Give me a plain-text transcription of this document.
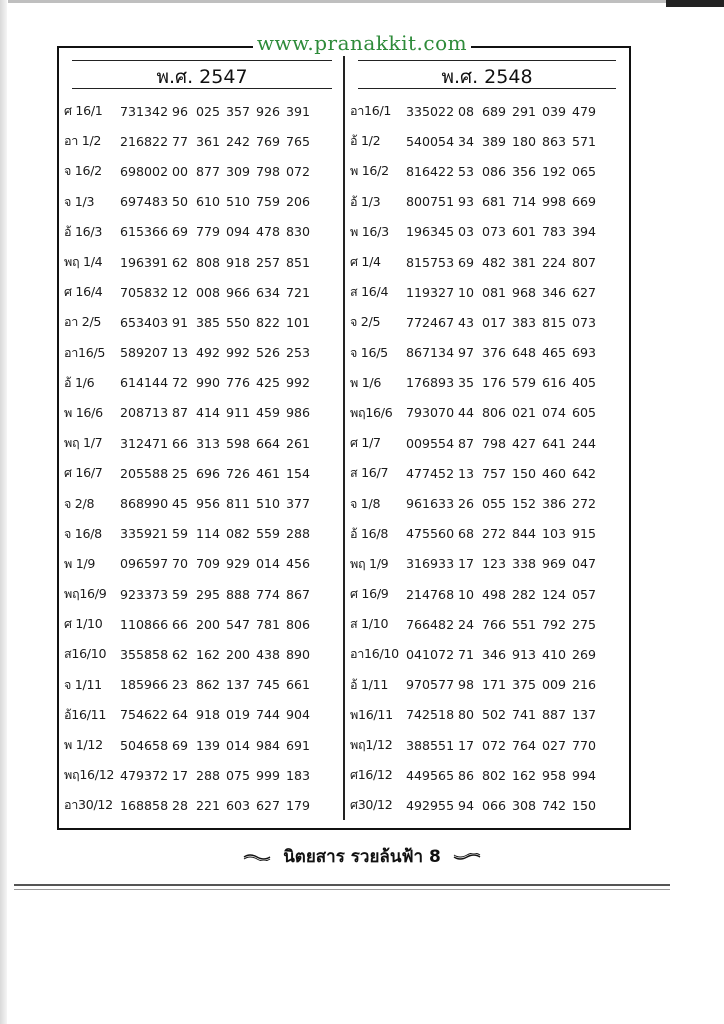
www.pranakkit.com
พ.ศ. 2547
ศ 16/1	731342 96 025 357 926 391
อา 1/2	216822 77 361 242 769 765
จ 16/2	698002 00 877 309 798 072
จ 1/3	697483 50 610 510 759 206
อ้ 16/3	615366 69 779 094 478 830
พฤ 1/4	196391 62 808 918 257 851
ศ 16/4	705832 12 008 966 634 721
อา 2/5	653403 91 385 550 822 101
อา16/5	589207 13 492 992 526 253
อ้ 1/6	614144 72 990 776 425 992
พ 16/6	208713 87 414 911 459 986
พฤ 1/7	312471 66 313 598 664 261
ศ 16/7	205588 25 696 726 461 154
จ 2/8	868990 45 956 811 510 377
จ 16/8	335921 59 114 082 559 288
พ 1/9	096597 70 709 929 014 456
พฤ16/9	923373 59 295 888 774 867
ศ 1/10	110866 66 200 547 781 806
ส16/10	355858 62 162 200 438 890
จ 1/11	185966 23 862 137 745 661
อ้16/11	754622 64 918 019 744 904
พ 1/12	504658 69 139 014 984 691
พฤ16/12 479372 17 288 075 999 183
อา30/12 168858 28 221 603 627 179
พ.ศ. 2548
อา16/1	335022 08 689 291 039 479
อ้ 1/2	540054 34 389 180 863 571
พ 16/2	816422 53 086 356 192 065
อ้ 1/3	800751 93 681 714 998 669
พ 16/3	196345 03 073 601 783 394
ศ 1/4	815753 69 482 381 224 807
ส 16/4	119327 10 081 968 346 627
จ 2/5	772467 43 017 383 815 073
จ 16/5	867134 97 376 648 465 693
พ 1/6	176893 35 176 579 616 405
พฤ16/6	793070 44 806 021 074 605
ศ 1/7	009554 87 798 427 641 244
ส 16/7	477452 13 757 150 460 642
จ 1/8	961633 26 055 152 386 272
อ้ 16/8	475560 68 272 844 103 915
พฤ 1/9	316933 17 123 338 969 047
ศ 16/9	214768 10 498 282 124 057
ส 1/10	766482 24 766 551 792 275
อา16/10 041072 71 346 913 410 269
อ้ 1/11	970577 98 171 375 009 216
พ16/11	742518 80 502 741 887 137
พฤ1/12	388551 17 072 764 027 770
ศ16/12	449565 86 802 162 958 994
ศ30/12	492955 94 066 308 742 150
นิตยสาร รวยล้นฟ้า 8
